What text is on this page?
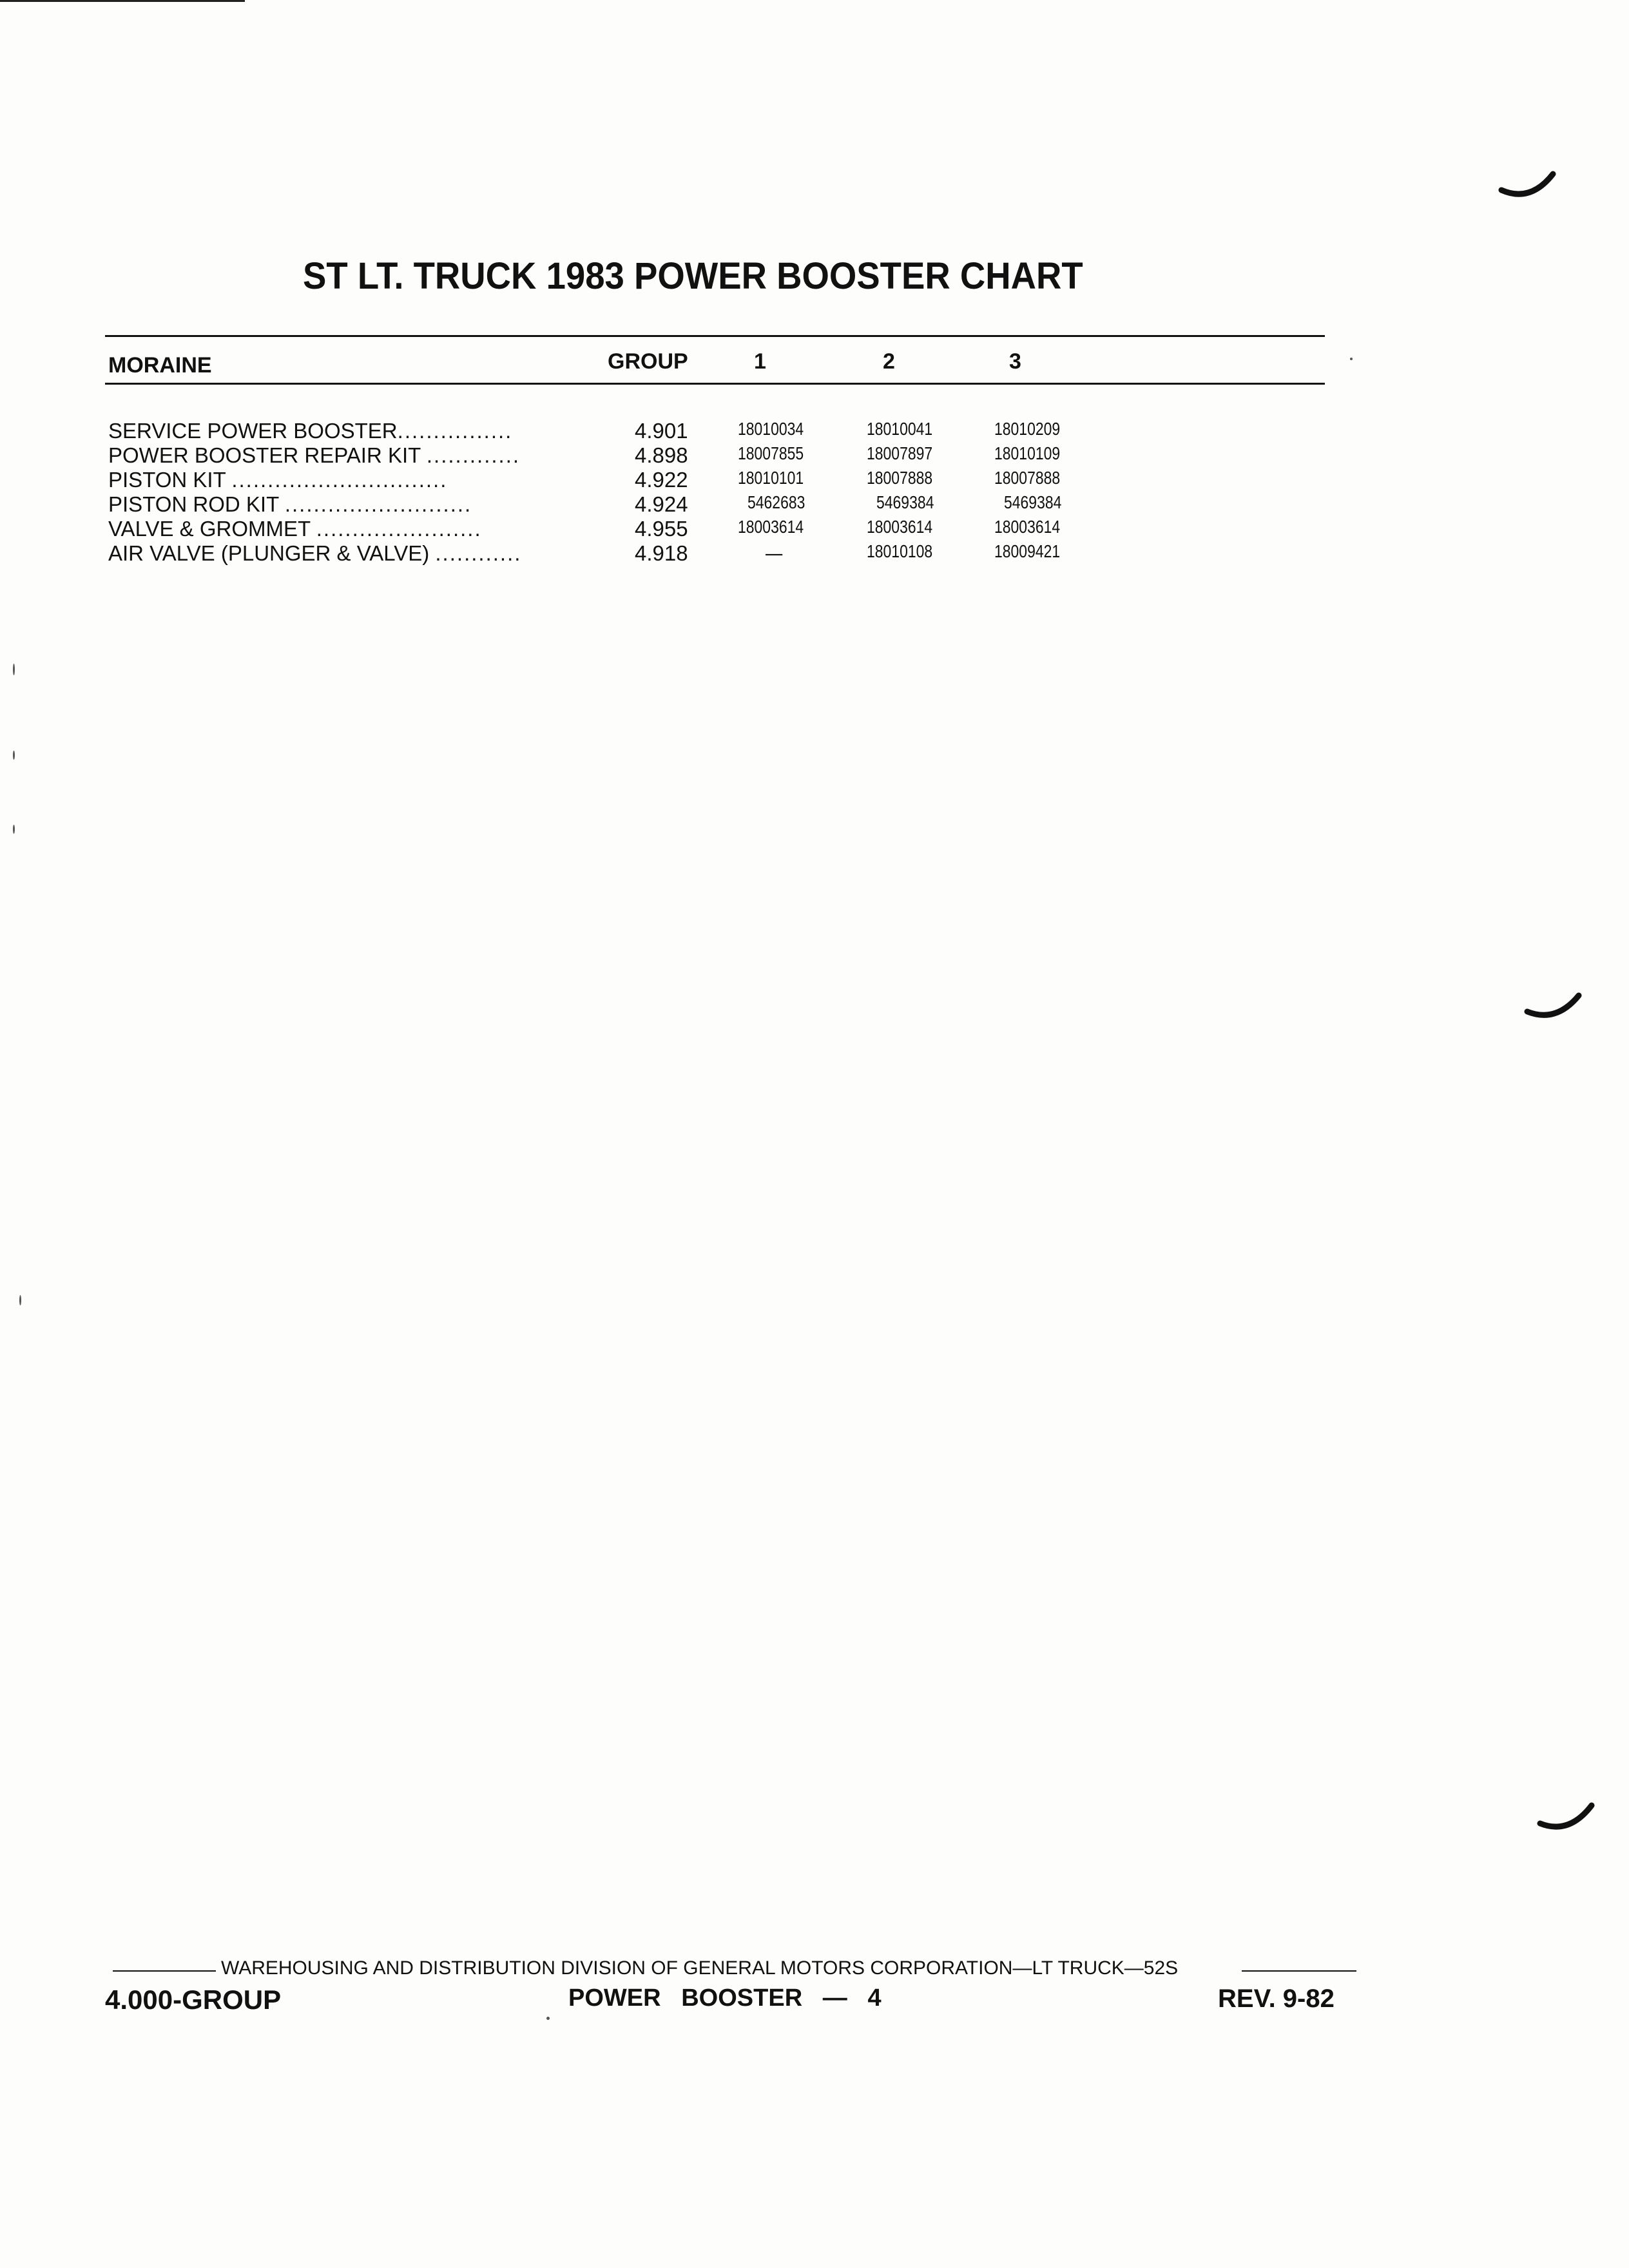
ST LT. TRUCK 1983 POWER BOOSTER CHART
MORAINE	GROUP	1	2	3
SERVICE POWER BOOSTER................	4.901	18010034	18010041	18010209
POWER BOOSTER REPAIR KIT .............	4.898	18007855	18007897	18010109
PISTON KIT ..............................	4.922	18010101	18007888	18007888
PISTON ROD KIT ..........................	4.924	5462683	5469384	5469384
VALVE & GROMMET .......................	4.955	18003614	18003614	18003614
AIR VALVE (PLUNGER & VALVE) ............	4.918	—	18010108	18009421
WAREHOUSING AND DISTRIBUTION DIVISION OF GENERAL MOTORS CORPORATION—LT TRUCK—52S
4.000-GROUP	POWER   BOOSTER   —   4	REV. 9-82
